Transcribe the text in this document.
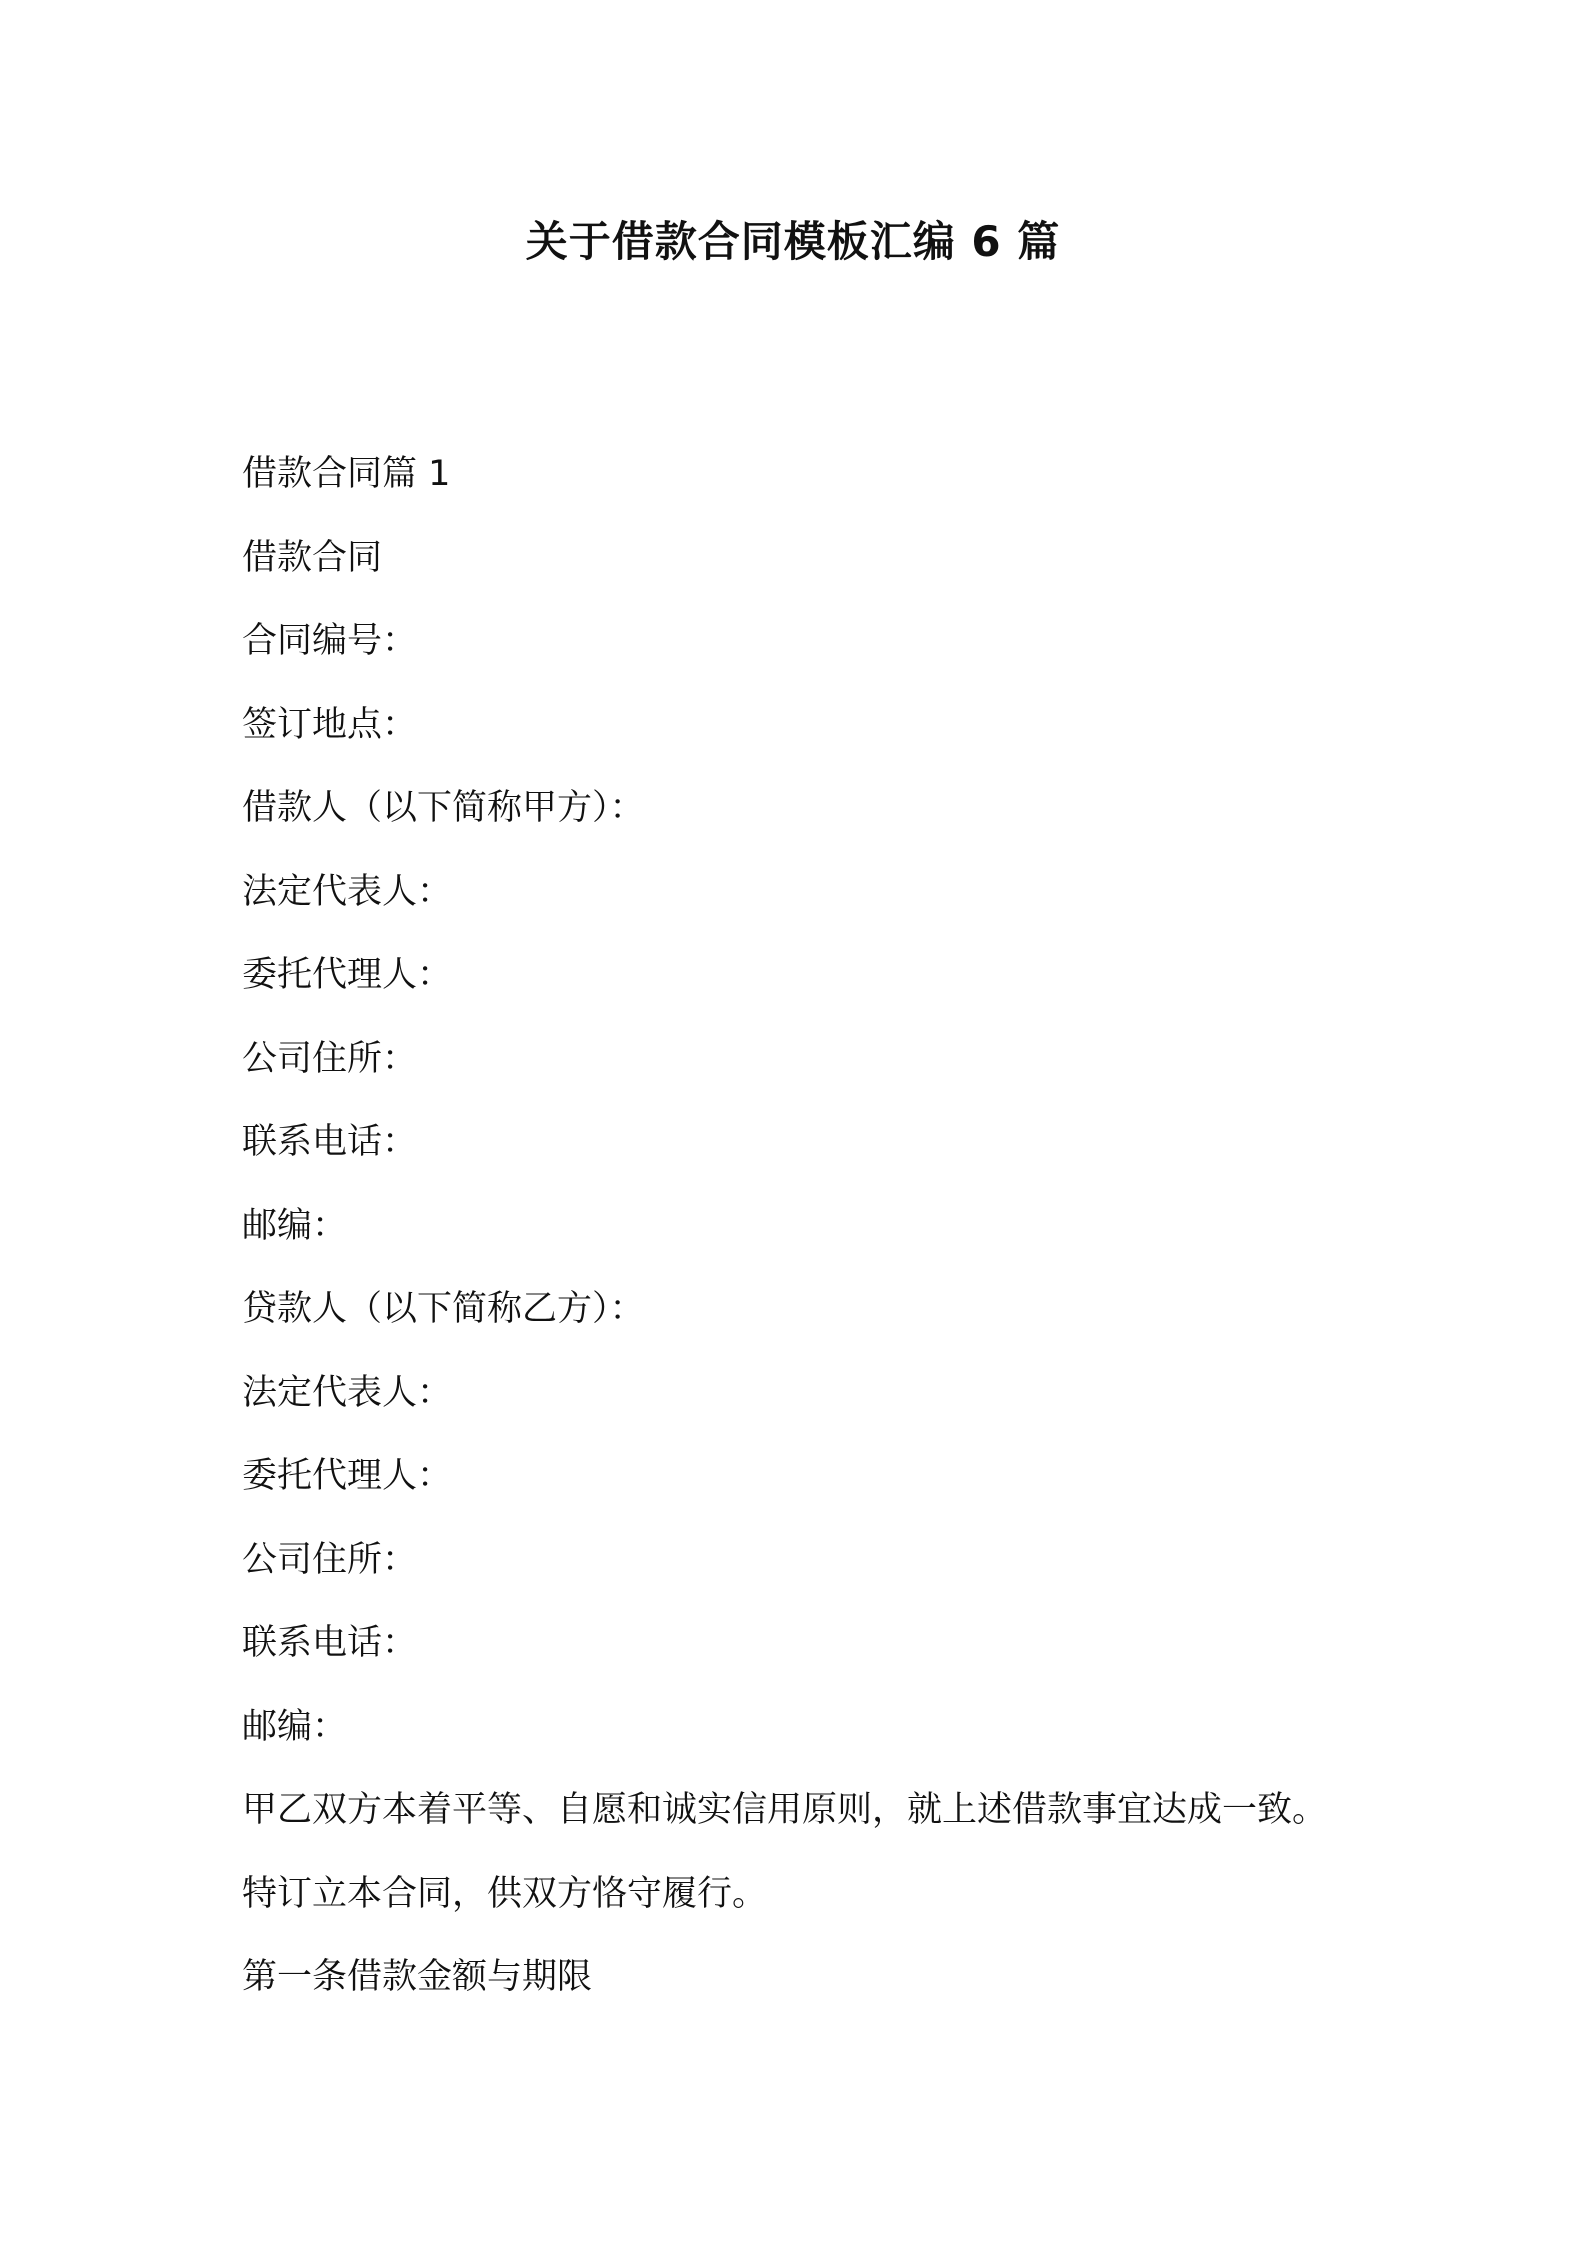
关于借款合同模板汇编 6 篇

借款合同篇 1

借款合同

合同编号：

签订地点：

借款人（以下简称甲方）：

法定代表人：

委托代理人：

公司住所：

联系电话：

邮编：

贷款人（以下简称乙方）：

法定代表人：

委托代理人：

公司住所：

联系电话：

邮编：

甲乙双方本着平等、自愿和诚实信用原则，就上述借款事宜达成一致。

特订立本合同，供双方恪守履行。

第一条借款金额与期限
